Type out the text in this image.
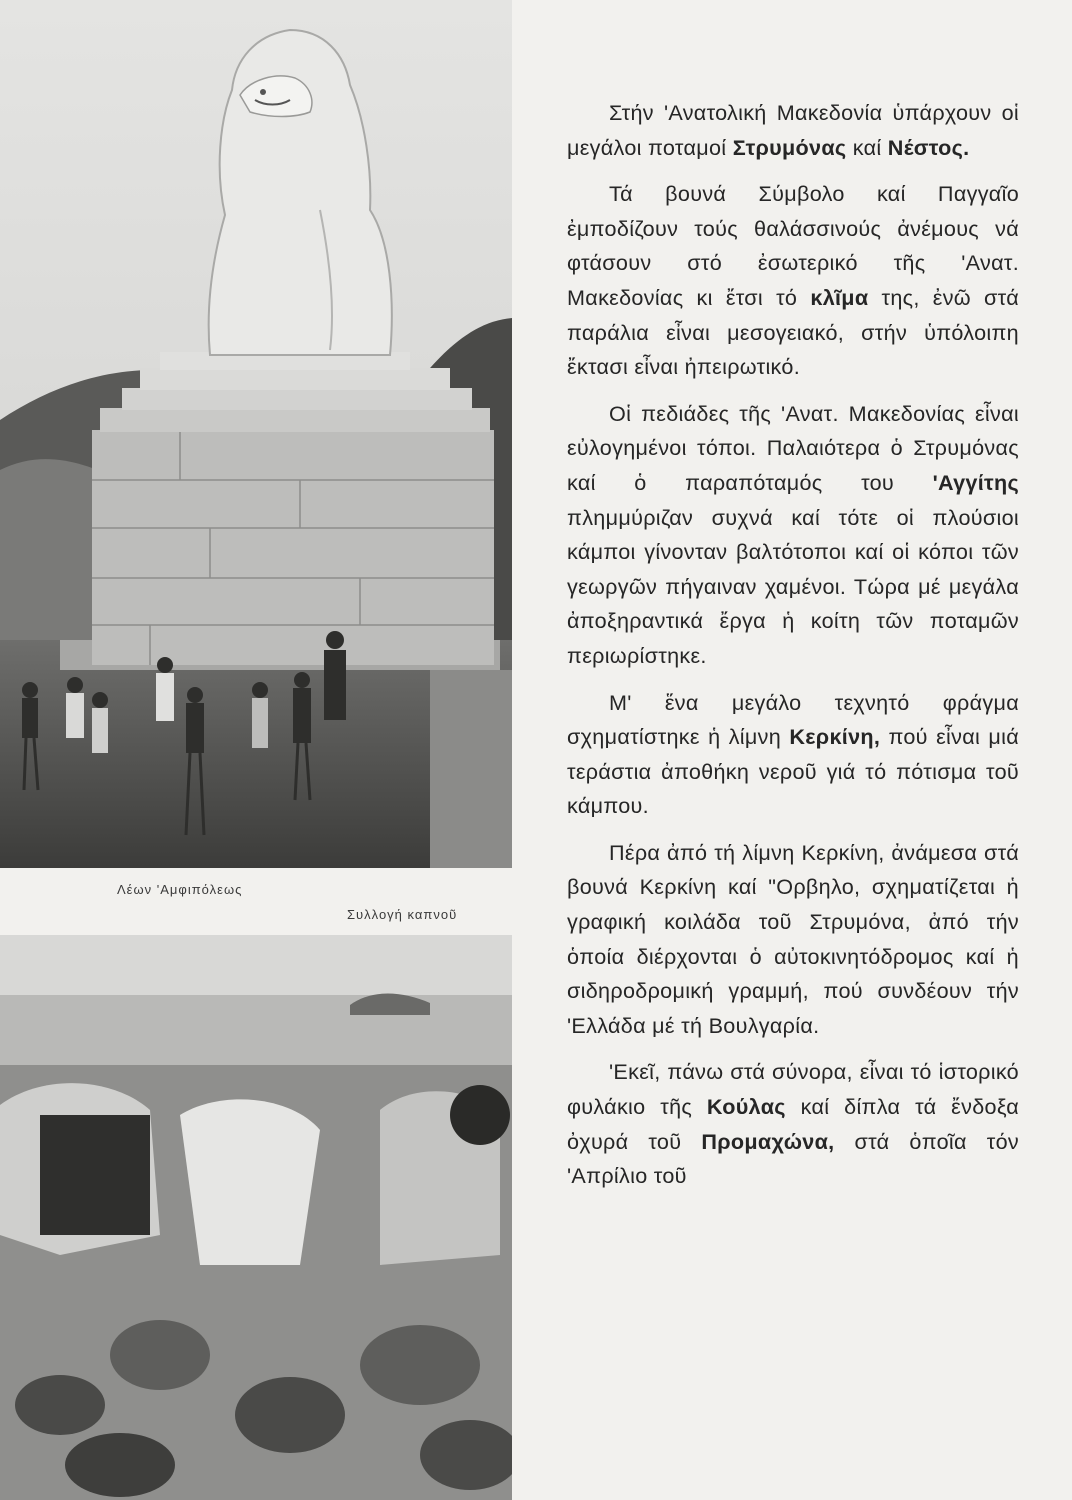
Λέων 'Αμφιπόλεως
Συλλογή καπνοῦ

Στήν 'Ανατολική Μακεδονία ὑπάρχουν οἱ μεγάλοι ποταμοί Στρυμόνας καί Νέστος.

Τά βουνά Σύμβολο καί Παγγαῖο ἐμποδίζουν τούς θαλάσσινούς ἀνέμους νά φτάσουν στό ἐσωτερικό τῆς 'Ανατ. Μακεδονίας κι ἔτσι τό κλῖμα της, ἐνῶ στά παράλια εἶναι μεσογειακό, στήν ὑπόλοιπη ἔκτασι εἶναι ἠπειρωτικό.

Οἱ πεδιάδες τῆς 'Ανατ. Μακεδονίας εἶναι εὐλογημένοι τόποι. Παλαιότερα ὁ Στρυμόνας καί ὁ παραπόταμός του 'Αγγίτης πλημμύριζαν συχνά καί τότε οἱ πλούσιοι κάμποι γίνονταν βαλτότοποι καί οἱ κόποι τῶν γεωργῶν πήγαιναν χαμένοι. Τώρα μέ μεγάλα ἀποξηραντικά ἔργα ἡ κοίτη τῶν ποταμῶν περιωρίστηκε.

Μ' ἕνα μεγάλο τεχνητό φράγμα σχηματίστηκε ἡ λίμνη Κερκίνη, πού εἶναι μιά τεράστια ἀποθήκη νεροῦ γιά τό πότισμα τοῦ κάμπου.

Πέρα ἀπό τή λίμνη Κερκίνη, ἀνάμεσα στά βουνά Κερκίνη καί "Ορβηλο, σχηματίζεται ἡ γραφική κοιλάδα τοῦ Στρυμόνα, ἀπό τήν ὁποία διέρχονται ὁ αὐτοκινητόδρομος καί ἡ σιδηροδρομική γραμμή, πού συνδέουν τήν 'Ελλάδα μέ τή Βουλγαρία.

'Εκεῖ, πάνω στά σύνορα, εἶναι τό ἱστορικό φυλάκιο τῆς Κούλας καί δίπλα τά ἔνδοξα ὀχυρά τοῦ Προμαχώνα, στά ὁποῖα τόν 'Απρίλιο τοῦ
